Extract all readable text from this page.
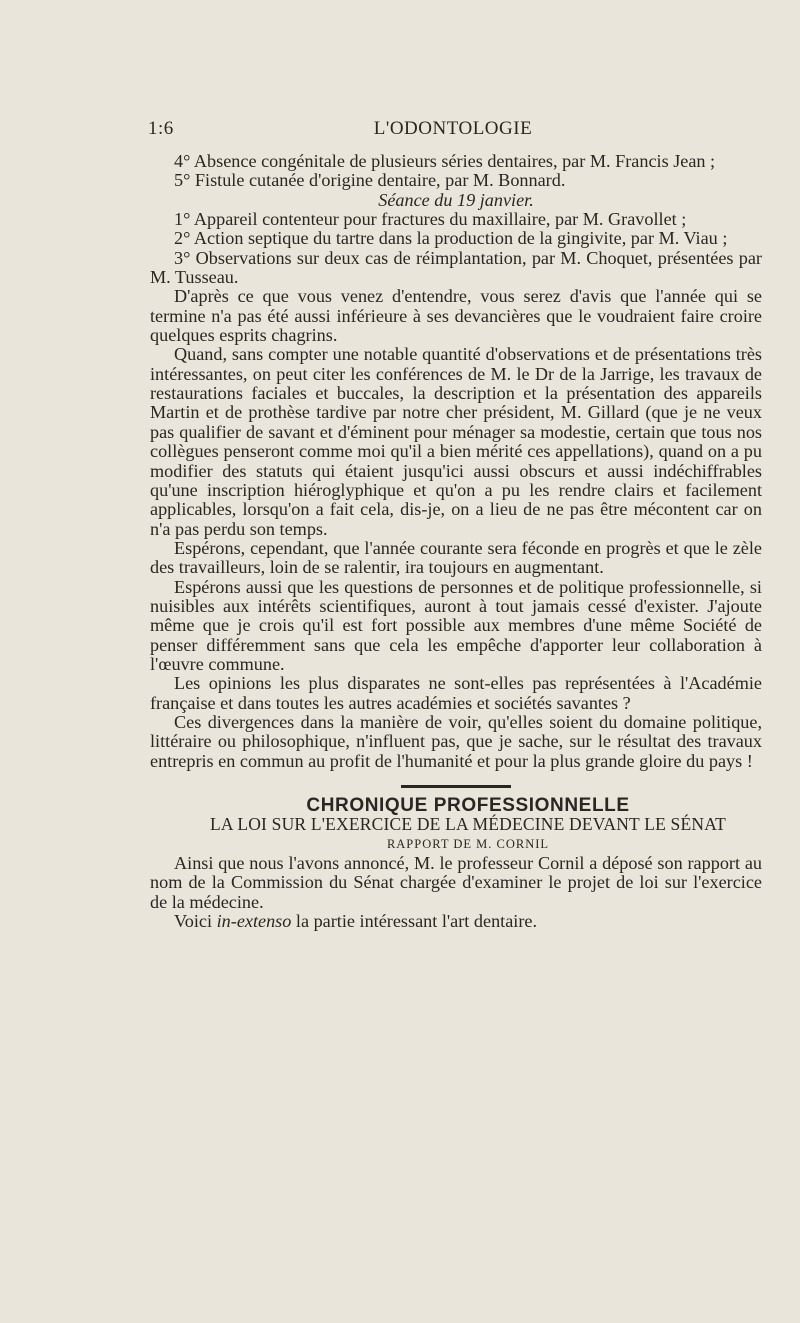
1:6	L'ODONTOLOGIE

4° Absence congénitale de plusieurs séries dentaires, par M. Francis Jean ;

5° Fistule cutanée d'origine dentaire, par M. Bonnard.

Séance du 19 janvier.

1° Appareil contenteur pour fractures du maxillaire, par M. Gravollet ;

2° Action septique du tartre dans la production de la gingivite, par M. Viau ;

3° Observations sur deux cas de réimplantation, par M. Choquet, présentées par M. Tusseau.

D'après ce que vous venez d'entendre, vous serez d'avis que l'année qui se termine n'a pas été aussi inférieure à ses devancières que le voudraient faire croire quelques esprits chagrins.

Quand, sans compter une notable quantité d'observations et de présentations très intéressantes, on peut citer les conférences de M. le Dr de la Jarrige, les travaux de restaurations faciales et buccales, la description et la présentation des appareils Martin et de prothèse tardive par notre cher président, M. Gillard (que je ne veux pas qualifier de savant et d'éminent pour ménager sa modestie, certain que tous nos collègues penseront comme moi qu'il a bien mérité ces appellations), quand on a pu modifier des statuts qui étaient jusqu'ici aussi obscurs et aussi indéchiffrables qu'une inscription hiéroglyphique et qu'on a pu les rendre clairs et facilement applicables, lorsqu'on a fait cela, dis-je, on a lieu de ne pas être mécontent car on n'a pas perdu son temps.

Espérons, cependant, que l'année courante sera féconde en progrès et que le zèle des travailleurs, loin de se ralentir, ira toujours en augmentant.

Espérons aussi que les questions de personnes et de politique professionnelle, si nuisibles aux intérêts scientifiques, auront à tout jamais cessé d'exister. J'ajoute même que je crois qu'il est fort possible aux membres d'une même Société de penser différemment sans que cela les empêche d'apporter leur collaboration à l'œuvre commune.

Les opinions les plus disparates ne sont-elles pas représentées à l'Académie française et dans toutes les autres académies et sociétés savantes ?

Ces divergences dans la manière de voir, qu'elles soient du domaine politique, littéraire ou philosophique, n'influent pas, que je sache, sur le résultat des travaux entrepris en commun au profit de l'humanité et pour la plus grande gloire du pays !

CHRONIQUE PROFESSIONNELLE

LA LOI SUR L'EXERCICE DE LA MÉDECINE DEVANT LE SÉNAT

RAPPORT DE M. CORNIL

Ainsi que nous l'avons annoncé, M. le professeur Cornil a déposé son rapport au nom de la Commission du Sénat chargée d'examiner le projet de loi sur l'exercice de la médecine.

Voici in-extenso la partie intéressant l'art dentaire.
